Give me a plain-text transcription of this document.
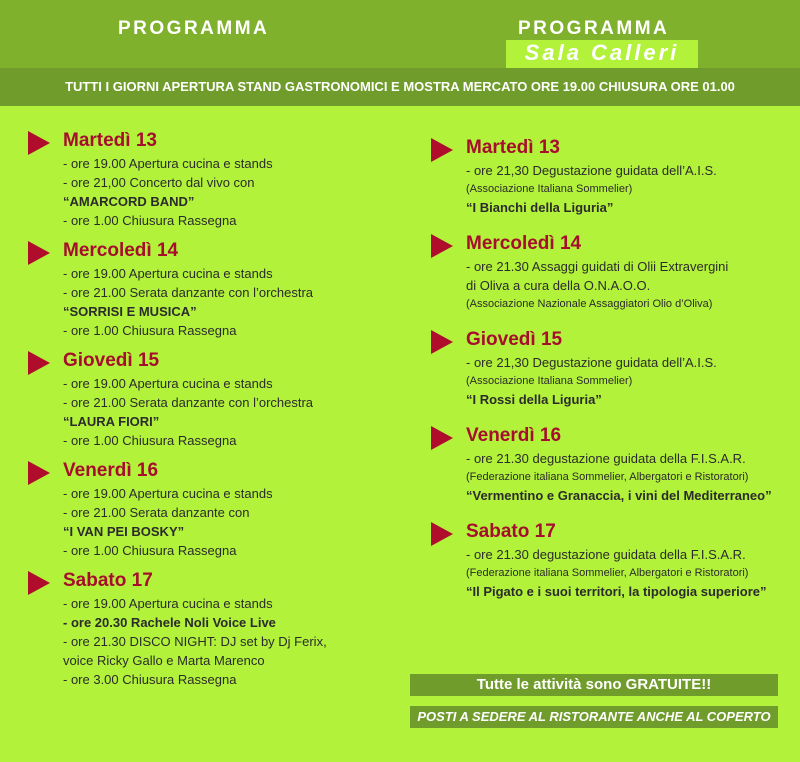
PROGRAMMA	PROGRAMMA
Sala Calleri
TUTTI I GIORNI APERTURA STAND GASTRONOMICI E MOSTRA MERCATO ORE 19.00 CHIUSURA ORE 01.00
Martedì 13
- ore 19.00 Apertura cucina e stands
- ore 21,00 Concerto dal vivo con
“AMARCORD BAND”
- ore 1.00 Chiusura Rassegna
Mercoledì 14
- ore 19.00 Apertura cucina e stands
- ore 21.00 Serata danzante con l’orchestra
“SORRISI E MUSICA”
- ore 1.00 Chiusura Rassegna
Giovedì 15
- ore 19.00 Apertura cucina e stands
- ore 21.00 Serata danzante con l’orchestra
“LAURA FIORI”
- ore 1.00 Chiusura Rassegna
Venerdì 16
- ore 19.00 Apertura cucina e stands
- ore 21.00 Serata danzante con
“I VAN PEI BOSKY”
- ore 1.00 Chiusura Rassegna
Sabato 17
- ore 19.00 Apertura cucina e stands
- ore 20.30 Rachele Noli Voice Live
- ore 21.30 DISCO NIGHT: DJ set by Dj Ferix,
voice Ricky Gallo e Marta Marenco
- ore 3.00 Chiusura Rassegna
Martedì 13
- ore 21,30 Degustazione guidata dell’A.I.S.
(Associazione Italiana Sommelier)
“I Bianchi della Liguria”
Mercoledì 14
- ore 21.30 Assaggi guidati di Olii Extravergini
di Oliva a cura della O.N.A.O.O.
(Associazione Nazionale Assaggiatori Olio d’Oliva)
Giovedì 15
- ore 21,30 Degustazione guidata dell’A.I.S.
(Associazione Italiana Sommelier)
“I Rossi della Liguria”
Venerdì 16
- ore 21.30 degustazione guidata della F.I.S.A.R.
(Federazione italiana Sommelier, Albergatori e Ristoratori)
“Vermentino e Granaccia, i vini del Mediterraneo”
Sabato 17
- ore 21.30 degustazione guidata della F.I.S.A.R.
(Federazione italiana Sommelier, Albergatori e Ristoratori)
“Il Pigato e i suoi territori, la tipologia superiore”
Tutte le attività sono GRATUITE!!
POSTI A SEDERE AL RISTORANTE ANCHE AL COPERTO
